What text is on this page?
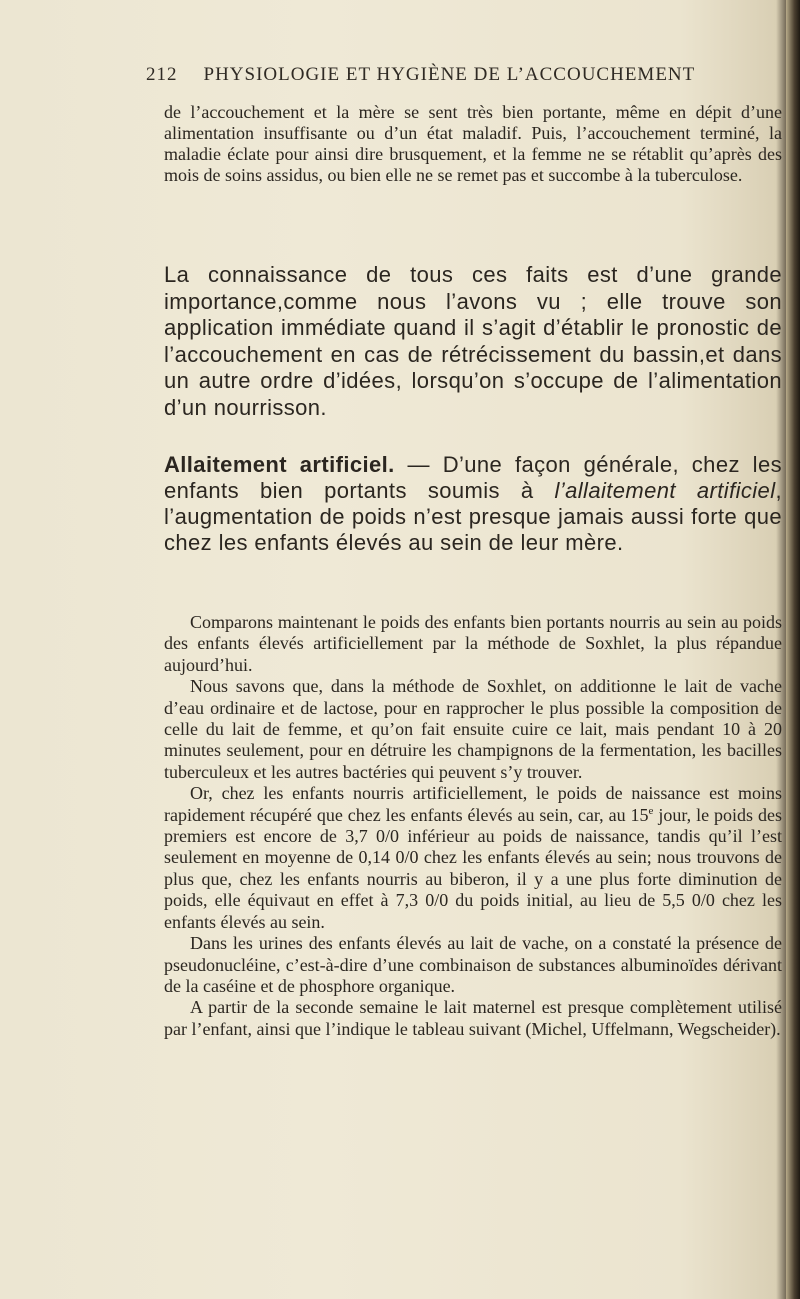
212 PHYSIOLOGIE ET HYGIÈNE DE L’ACCOUCHEMENT

de l’accouchement et la mère se sent très bien portante, même en dépit d’une alimentation insuffisante ou d’un état maladif. Puis, l’accouchement terminé, la maladie éclate pour ainsi dire brusquement, et la femme ne se rétablit qu’après des mois de soins assidus, ou bien elle ne se remet pas et succombe à la tuberculose.

La connaissance de tous ces faits est d’une grande importance,comme nous l’avons vu ; elle trouve son application immédiate quand il s’agit d’établir le pronostic de l’accouchement en cas de rétrécissement du bassin,et dans un autre ordre d’idées, lorsqu’on s’occupe de l’alimentation d’un nourrisson.

Allaitement artificiel. — D’une façon générale, chez les enfants bien portants soumis à l’allaitement artificiel, l’augmentation de poids n’est presque jamais aussi forte que chez les enfants élevés au sein de leur mère.

Comparons maintenant le poids des enfants bien portants nourris au sein au poids des enfants élevés artificiellement par la méthode de Soxhlet, la plus répandue aujourd’hui.

Nous savons que, dans la méthode de Soxhlet, on additionne le lait de vache d’eau ordinaire et de lactose, pour en rapprocher le plus possible la composition de celle du lait de femme, et qu’on fait ensuite cuire ce lait, mais pendant 10 à 20 minutes seulement, pour en détruire les champignons de la fermentation, les bacilles tuberculeux et les autres bactéries qui peuvent s’y trouver.

Or, chez les enfants nourris artificiellement, le poids de naissance est moins rapidement récupéré que chez les enfants élevés au sein, car, au 15e jour, le poids des premiers est encore de 3,7 0/0 inférieur au poids de naissance, tandis qu’il l’est seulement en moyenne de 0,14 0/0 chez les enfants élevés au sein; nous trouvons de plus que, chez les enfants nourris au biberon, il y a une plus forte diminution de poids, elle équivaut en effet à 7,3 0/0 du poids initial, au lieu de 5,5 0/0 chez les enfants élevés au sein.

Dans les urines des enfants élevés au lait de vache, on a constaté la présence de pseudonucléine, c’est-à-dire d’une combinaison de substances albuminoïdes dérivant de la caséine et de phosphore organique.

A partir de la seconde semaine le lait maternel est presque complètement utilisé par l’enfant, ainsi que l’indique le tableau suivant (Michel, Uffelmann, Wegscheider).
